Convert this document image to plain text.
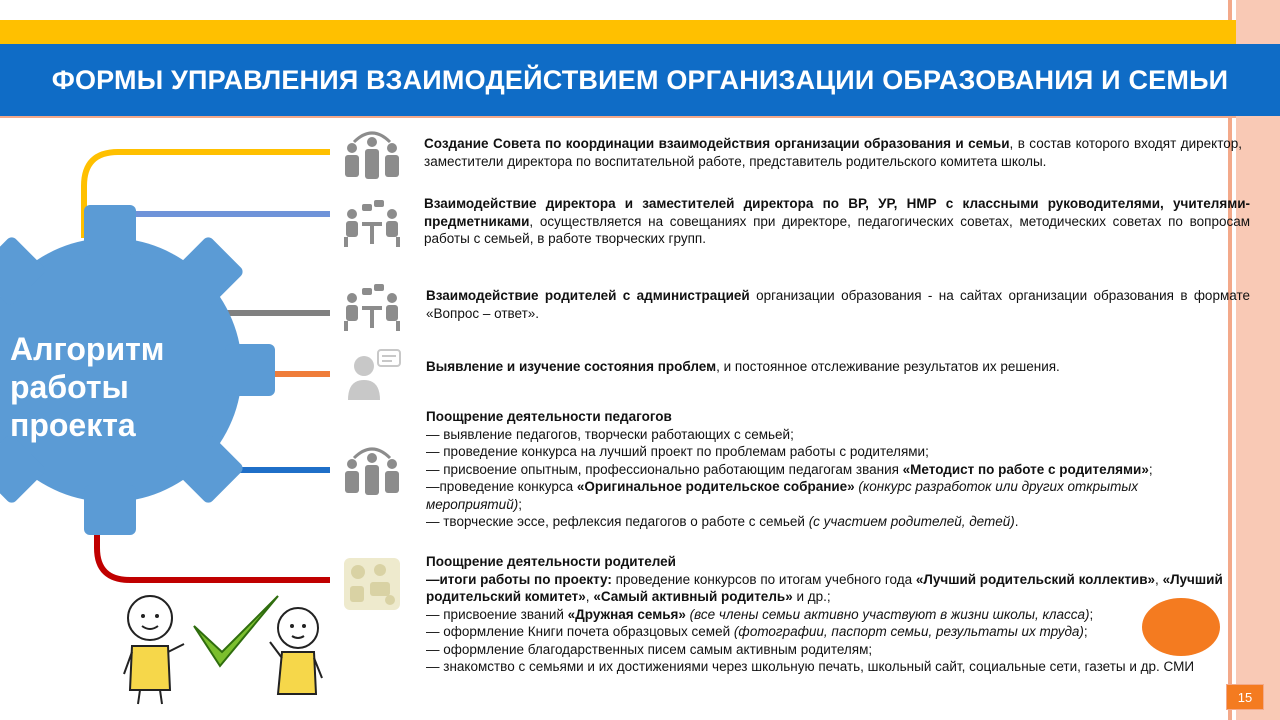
ФОРМЫ УПРАВЛЕНИЯ ВЗАИМОДЕЙСТВИЕМ ОРГАНИЗАЦИИ ОБРАЗОВАНИЯ И СЕМЬИ
Алгоритм
работы
проекта

Создание Совета по координации взаимодействия организации образования и семьи, в состав которого входят директор, заместители директора по воспитательной работе, представитель родительского комитета школы.

Взаимодействие директора и заместителей директора по ВР, УР, НМР с классными руководителями, учителями-предметниками, осуществляется на совещаниях при директоре, педагогических советах, методических советах по вопросам работы с семьей, в работе творческих групп.

Взаимодействие родителей с администрацией организации образования - на сайтах организации образования в формате «Вопрос – ответ».

Выявление и изучение состояния проблем, и постоянное отслеживание результатов их решения.

Поощрение деятельности педагогов

— выявление педагогов, творчески работающих с семьей;

— проведение конкурса на лучший проект по проблемам работы с родителями;

— присвоение опытным, профессионально работающим педагогам звания «Методист по работе с родителями»;

—проведение конкурса «Оригинальное родительское собрание» (конкурс разработок или других открытых мероприятий);

— творческие эссе, рефлексия педагогов о работе с семьей (с участием родителей, детей).

Поощрение деятельности родителей

—итоги работы по проекту: проведение конкурсов по итогам учебного года «Лучший родительский коллектив», «Лучший родительский комитет», «Самый активный родитель» и др.;

— присвоение званий «Дружная семья» (все члены семьи активно участвуют в жизни школы, класса);

— оформление Книги почета образцовых семей (фотографии, паспорт семьи, результаты их труда);

— оформление благодарственных писем самым активным родителям;

— знакомство с семьями и их достижениями через школьную печать, школьный сайт, социальные сети, газеты и др. СМИ

15
